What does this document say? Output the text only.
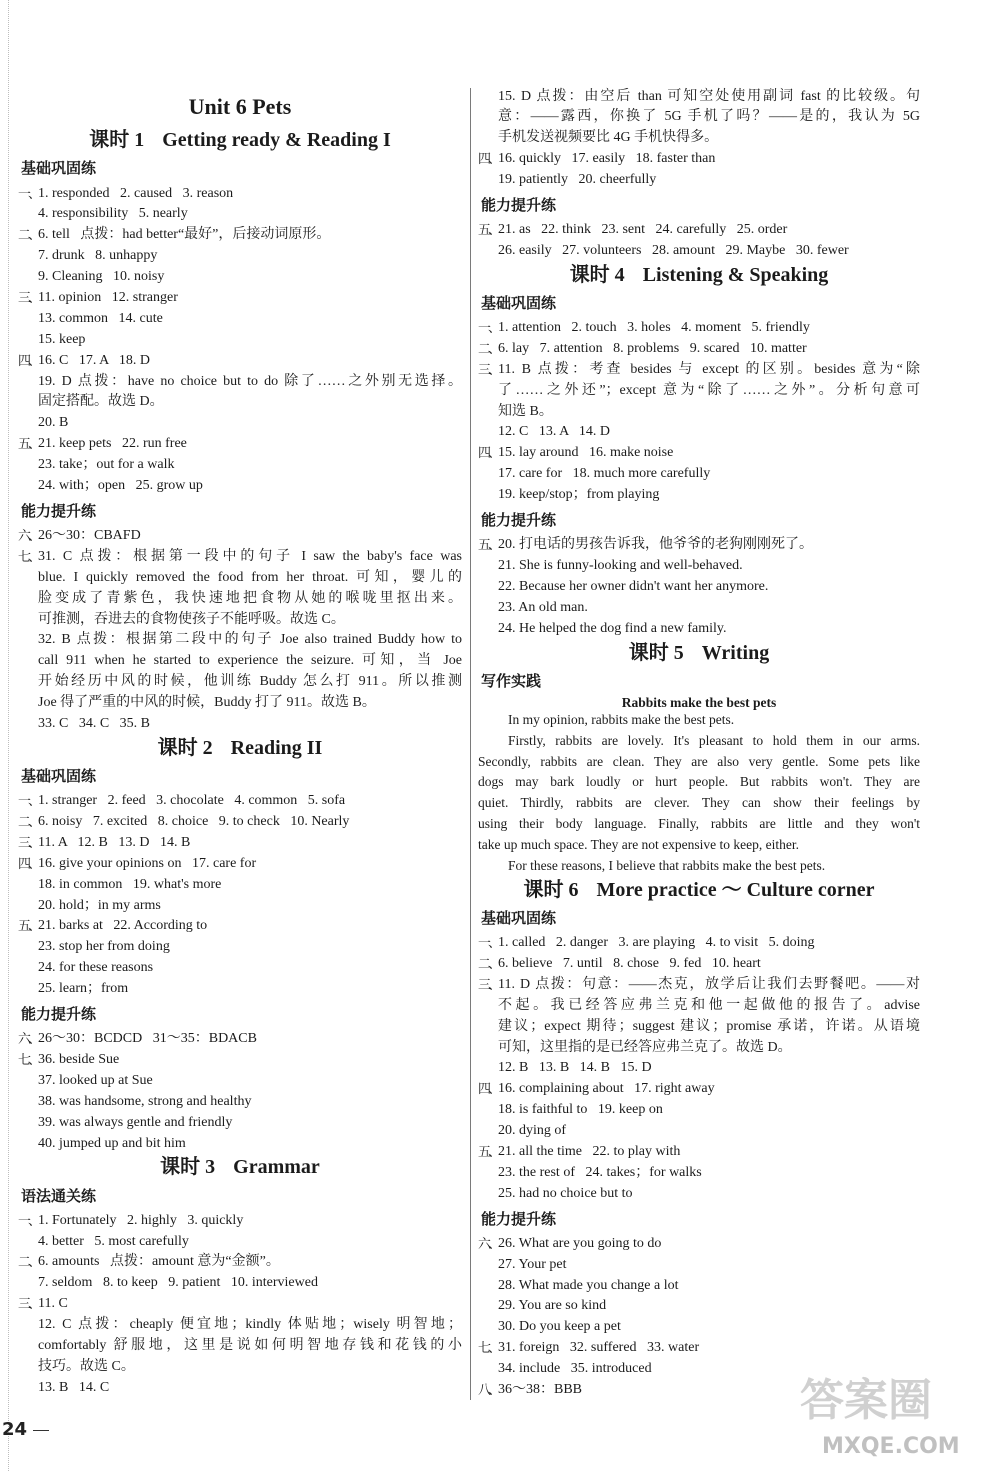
Unit 6 Pets
课时 1 Getting ready & Reading I
基础巩固练
一、 1. responded   2. caused   3. reason
4. responsibility   5. nearly
二、 6. tell   点拨：had better“最好”，后接动词原形。
7. drunk   8. unhappy
9. Cleaning   10. noisy
三、 11. opinion   12. stranger
13. common   14. cute
15. keep
四、 16. C   17. A   18. D
19. D 点拨：have no choice but to do 除了……之外别无选择。
固定搭配。故选 D。
20. B
五、 21. keep pets   22. run free
23. take；out for a walk
24. with；open   25. grow up
能力提升练
六、 26～30：CBAFD
七、 31. C 点拨：根据第一段中的句子 I saw the baby's face was
blue. I quickly removed the food from her throat. 可知，婴儿的
脸变成了青紫色，我快速地把食物从她的喉咙里抠出来。
可推测，吞进去的食物使孩子不能呼吸。故选 C。
32. B 点拨：根据第二段中的句子 Joe also trained Buddy how to
call 911 when he started to experience the seizure. 可知，当 Joe
开始经历中风的时候，他训练 Buddy 怎么打 911。所以推测
Joe 得了严重的中风的时候，Buddy 打了 911。故选 B。
33. C   34. C   35. B
课时 2 Reading II
基础巩固练
一、 1. stranger   2. feed   3. chocolate   4. common   5. sofa
二、 6. noisy   7. excited   8. choice   9. to check   10. Nearly
三、 11. A   12. B   13. D   14. B
四、 16. give your opinions on   17. care for
18. in common   19. what's more
20. hold；in my arms
五、 21. barks at   22. According to
23. stop her from doing
24. for these reasons
25. learn；from
能力提升练
六、 26～30：BCDCD   31～35：BDACB
七、 36. beside Sue
37. looked up at Sue
38. was handsome, strong and healthy
39. was always gentle and friendly
40. jumped up and bit him
课时 3 Grammar
语法通关练
一、 1. Fortunately   2. highly   3. quickly
4. better   5. most carefully
二、 6. amounts   点拨：amount 意为“金额”。
7. seldom   8. to keep   9. patient   10. interviewed
三、 11. C
12. C 点拨：cheaply 便宜地；kindly 体贴地；wisely 明智地；
comfortably 舒服地，这里是说如何明智地存钱和花钱的小
技巧。故选 C。
13. B   14. C
15. D 点拨：由空后 than 可知空处使用副词 fast 的比较级。句
意：——露西，你换了 5G 手机了吗？——是的，我认为 5G
手机发送视频要比 4G 手机快得多。
四、 16. quickly   17. easily   18. faster than
19. patiently   20. cheerfully
能力提升练
五、 21. as   22. think   23. sent   24. carefully   25. order
26. easily   27. volunteers   28. amount   29. Maybe   30. fewer
课时 4 Listening & Speaking
基础巩固练
一、 1. attention   2. touch   3. holes   4. moment   5. friendly
二、 6. lay   7. attention   8. problems   9. scared   10. matter
三、 11. B 点拨：考查 besides 与 except 的区别。besides 意为“除
了……之外还”；except 意为“除了……之外”。分析句意可
知选 B。
12. C   13. A   14. D
四、 15. lay around   16. make noise
17. care for   18. much more carefully
19. keep/stop；from playing
能力提升练
五、 20. 打电话的男孩告诉我，他爷爷的老狗刚刚死了。
21. She is funny-looking and well-behaved.
22. Because her owner didn't want her anymore.
23. An old man.
24. He helped the dog find a new family.
课时 5 Writing
写作实践
Rabbits make the best pets
In my opinion, rabbits make the best pets.
Firstly, rabbits are lovely. It's pleasant to hold them in our arms.
Secondly, rabbits are clean. They are also very gentle. Some pets like
dogs may bark loudly or hurt people. But rabbits won't. They are
quiet. Thirdly, rabbits are clever. They can show their feelings by
using their body language. Finally, rabbits are little and they won't
take up much space. They are not expensive to keep, either.
For these reasons, I believe that rabbits make the best pets.
课时 6 More practice ～ Culture corner
基础巩固练
一、 1. called   2. danger   3. are playing   4. to visit   5. doing
二、 6. believe   7. until   8. chose   9. fed   10. heart
三、 11. D 点拨：句意：——杰克，放学后让我们去野餐吧。——对
不起。我已经答应弗兰克和他一起做他的报告了。advise
建议；expect 期待；suggest 建议；promise 承诺，许诺。从语境
可知，这里指的是已经答应弗兰克了。故选 D。
12. B   13. B   14. B   15. D
四、 16. complaining about   17. right away
18. is faithful to   19. keep on
20. dying of
五、 21. all the time   22. to play with
23. the rest of   24. takes；for walks
25. had no choice but to
能力提升练
六、 26. What are you going to do
27. Your pet
28. What made you change a lot
29. You are so kind
30. Do you keep a pet
七、 31. foreign   32. suffered   33. water
34. include   35. introduced
八、 36～38：BBB
24
答案圈
MXQE.COM
